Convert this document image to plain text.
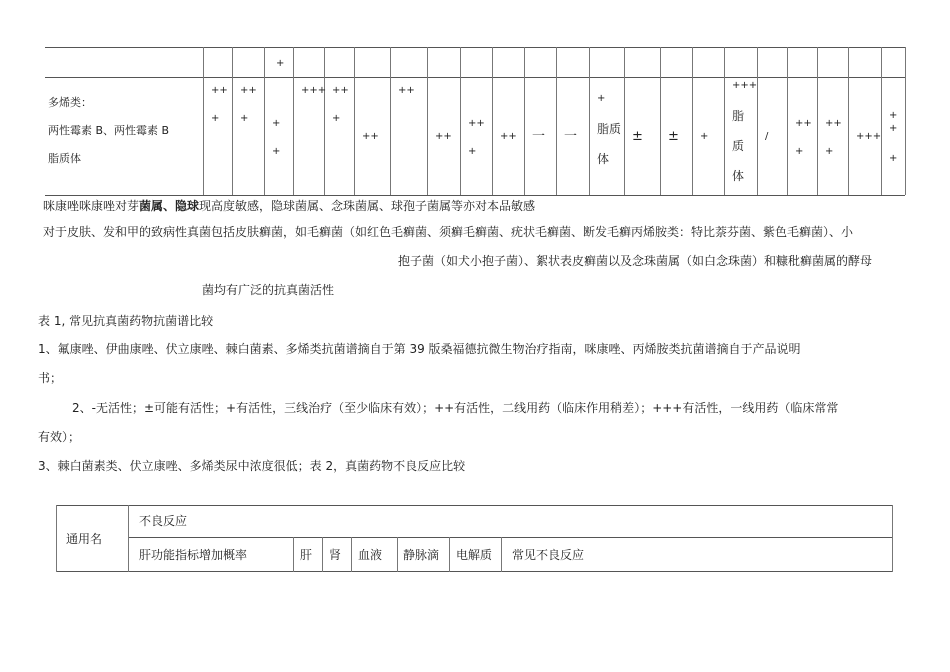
+
多烯类：
两性霉素 B、两性霉素 B
脂质体
++
+
++
+ +
+
+++ ++
+
++
++
++
++
+
++ 一 一
+
脂质
体
± ± +
+++
脂
质
体
/
++
+
++
+
+++
+
+
+
咪康唑咪康唑对芽菌属、隐球现高度敏感，隐球菌属、念珠菌属、球孢子菌属等亦对本品敏感
对于皮肤、发和甲的致病性真菌包括皮肤癣菌，如毛癣菌（如红色毛癣菌、须癣毛癣菌、疣状毛癣菌、断发毛癣丙烯胺类：特比萘芬菌、紫色毛癣菌）、小
抱子菌（如犬小抱子菌）、絮状表皮癣菌以及念珠菌属（如白念珠菌）和糠秕癣菌属的酵母
菌均有广泛的抗真菌活性
表 1, 常见抗真菌药物抗菌谱比较
1、氟康唑、伊曲康唑、伏立康唑、棘白菌素、多烯类抗菌谱摘自于第 39 版桑福德抗微生物治疗指南，咪康唑、丙烯胺类抗菌谱摘自于产品说明
书；
2、-无活性；±可能有活性；+有活性，三线治疗（至少临床有效）；++有活性，二线用药（临床作用稍差）；+++有活性，一线用药（临床常常
有效）；
3、棘白菌素类、伏立康唑、多烯类尿中浓度很低；表 2，真菌药物不良反应比较
通用名
不良反应
肝功能指标增加概率	肝 肾 血液 静脉滴 电解质 常见不良反应
